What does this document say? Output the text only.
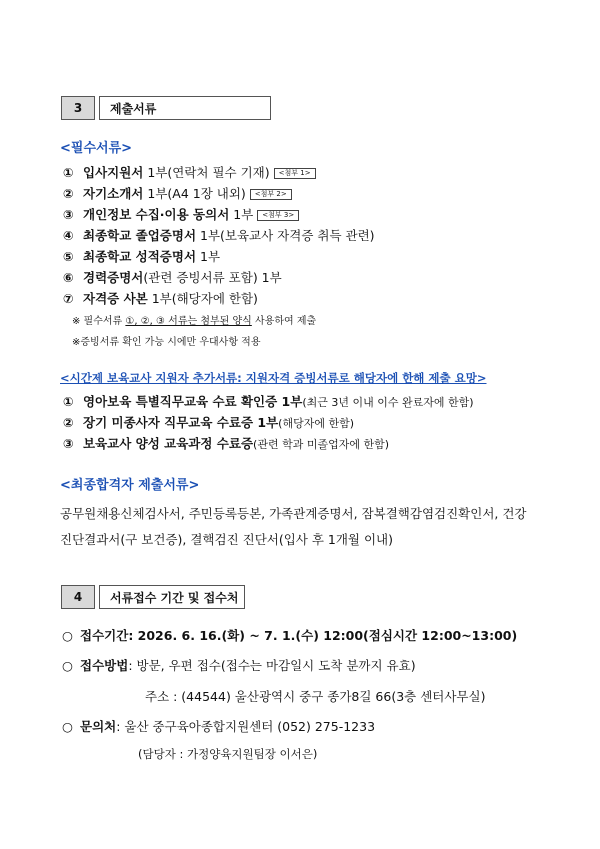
3	제출서류
<필수서류>
① 입사지원서 1부(연락처 필수 기재) <첨부 1>
② 자기소개서 1부(A4 1장 내외) <첨부 2>
③ 개인정보 수집·이용 동의서 1부 <첨부 3>
④ 최종학교 졸업증명서 1부(보육교사 자격증 취득 관련)
⑤ 최종학교 성적증명서 1부
⑥ 경력증명서(관련 증빙서류 포함) 1부
⑦ 자격증 사본 1부(해당자에 한함)
※ 필수서류 ①, ②, ③ 서류는 첨부된 양식 사용하여 제출
※증빙서류 확인 가능 시에만 우대사항 적용
<시간제 보육교사 지원자 추가서류: 지원자격 증빙서류로 해당자에 한해 제출 요망>
① 영아보육 특별직무교육 수료 확인증 1부(최근 3년 이내 이수 완료자에 한함)
② 장기 미종사자 직무교육 수료증 1부(해당자에 한함)
③ 보육교사 양성 교육과정 수료증(관련 학과 미졸업자에 한함)
<최종합격자 제출서류>
공무원채용신체검사서, 주민등록등본, 가족관계증명서, 잠복결핵감염검진확인서, 건강
진단결과서(구 보건증), 결핵검진 진단서(입사 후 1개월 이내)
4	서류접수 기간 및 접수처
○ 접수기간: 2026. 6. 16.(화) ~ 7. 1.(수) 12:00(점심시간 12:00~13:00)
○ 접수방법: 방문, 우편 접수(접수는 마감일시 도착 분까지 유효)
주소 : (44544) 울산광역시 중구 종가8길 66(3층 센터사무실)
○ 문의처: 울산 중구육아종합지원센터 (052) 275-1233
(담당자 : 가정양육지원팀장 이서은)
